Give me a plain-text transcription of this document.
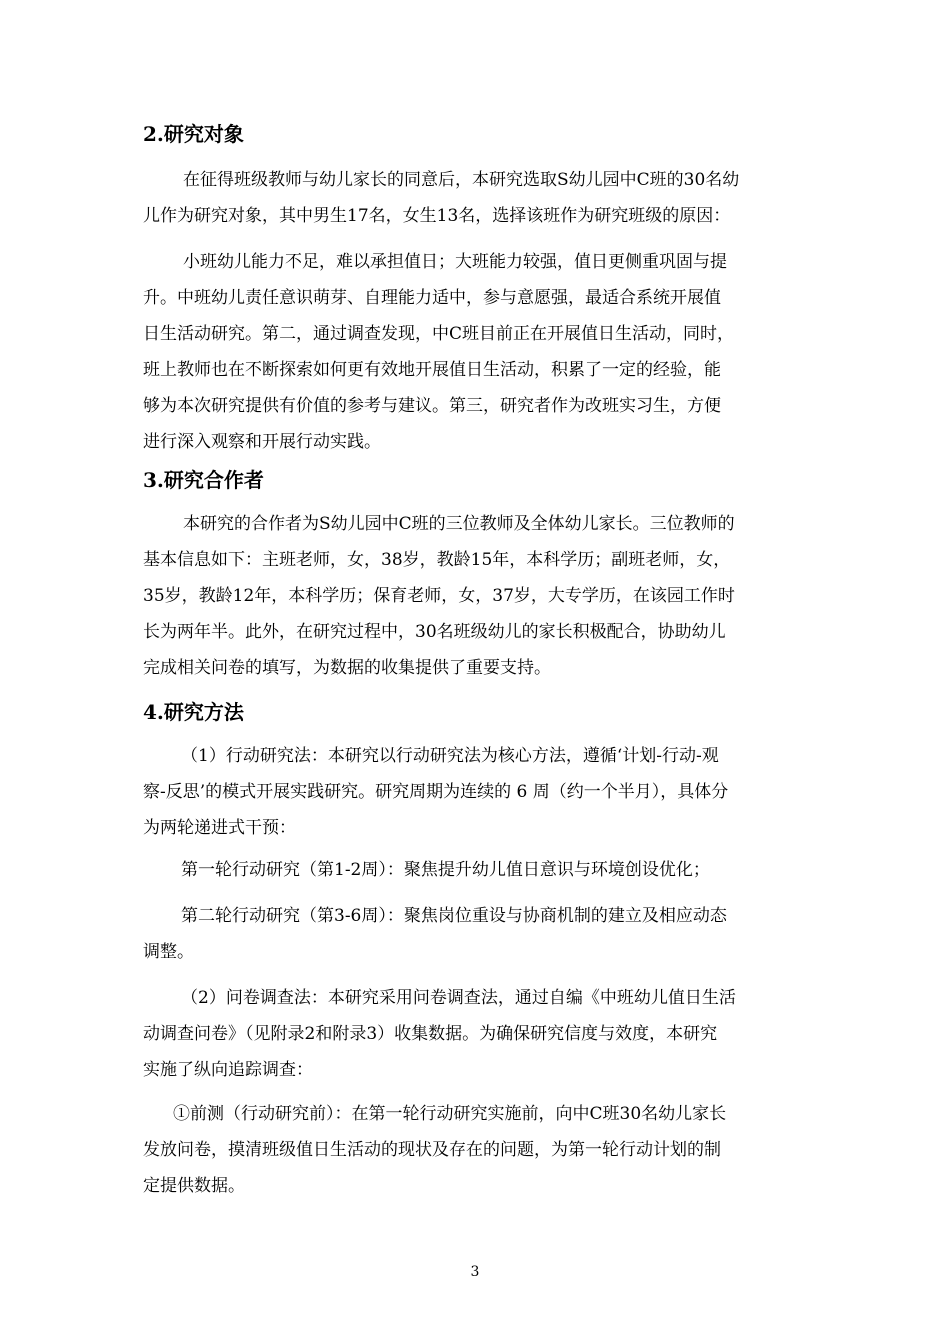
2.研究对象
在征得班级教师与幼儿家长的同意后，本研究选取S幼儿园中C班的30名幼
儿作为研究对象，其中男生17名，女生13名，选择该班作为研究班级的原因：
小班幼儿能力不足，难以承担值日；大班能力较强，值日更侧重巩固与提
升。中班幼儿责任意识萌芽、自理能力适中，参与意愿强，最适合系统开展值
日生活动研究。第二，通过调查发现，中C班目前正在开展值日生活动，同时，
班上教师也在不断探索如何更有效地开展值日生活动，积累了一定的经验，能
够为本次研究提供有价值的参考与建议。第三，研究者作为改班实习生，方便
进行深入观察和开展行动实践。
3.研究合作者
本研究的合作者为S幼儿园中C班的三位教师及全体幼儿家长。三位教师的
基本信息如下：主班老师，女，38岁，教龄15年，本科学历；副班老师，女，
35岁，教龄12年，本科学历；保育老师，女，37岁，大专学历，在该园工作时
长为两年半。此外，在研究过程中，30名班级幼儿的家长积极配合，协助幼儿
完成相关问卷的填写，为数据的收集提供了重要支持。
4.研究方法
（1）行动研究法：本研究以行动研究法为核心方法，遵循‘计划-行动-观
察-反思’的模式开展实践研究。研究周期为连续的 6 周（约一个半月），具体分
为两轮递进式干预：
第一轮行动研究（第1-2周）：聚焦提升幼儿值日意识与环境创设优化；
第二轮行动研究（第3-6周）：聚焦岗位重设与协商机制的建立及相应动态
调整。
（2）问卷调查法：本研究采用问卷调查法，通过自编《中班幼儿值日生活
动调查问卷》（见附录2和附录3）收集数据。为确保研究信度与效度，本研究
实施了纵向追踪调查：
①前测（行动研究前）：在第一轮行动研究实施前，向中C班30名幼儿家长
发放问卷，摸清班级值日生活动的现状及存在的问题，为第一轮行动计划的制
定提供数据。
3
